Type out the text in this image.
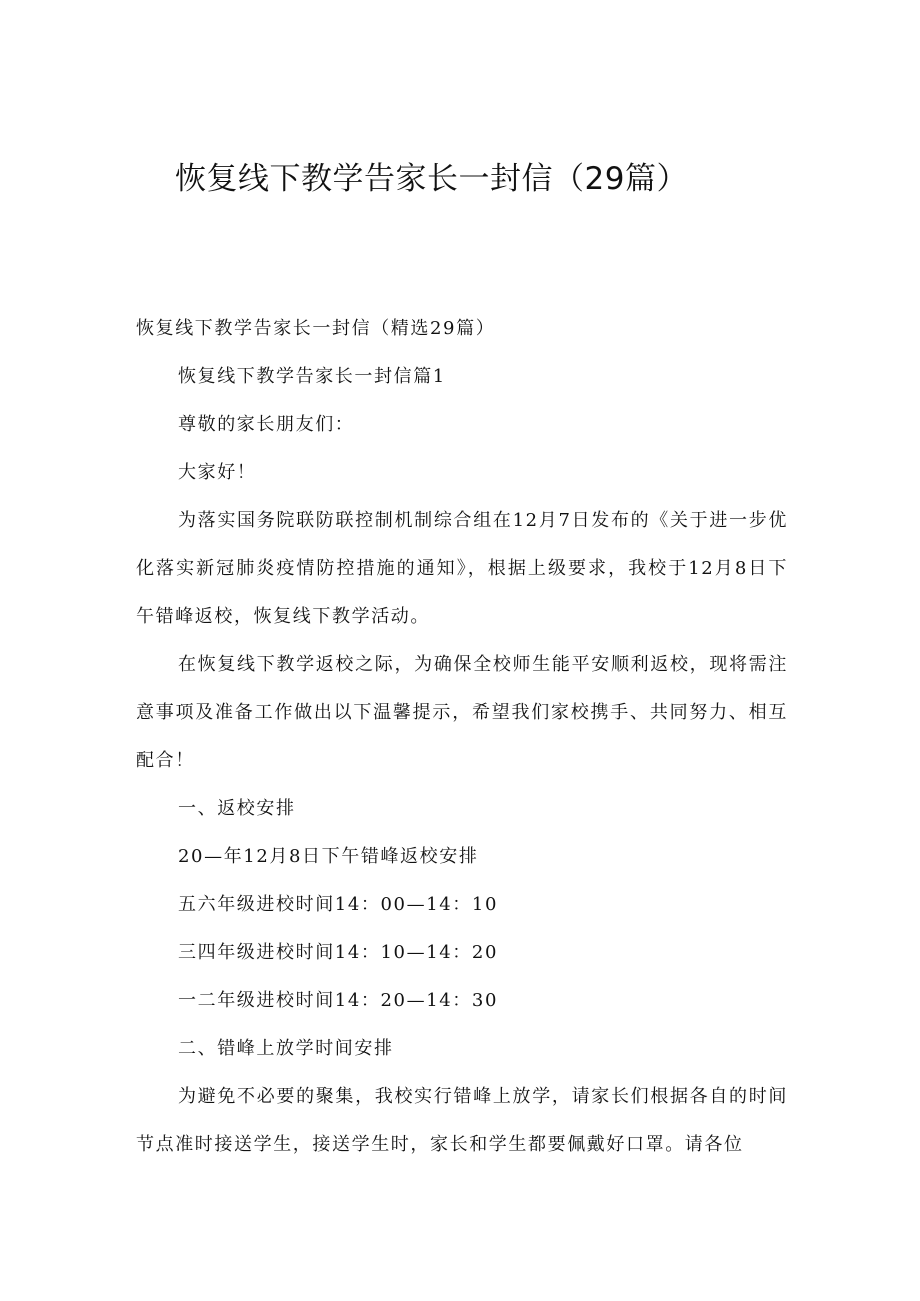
恢复线下教学告家长一封信（29篇）

恢复线下教学告家长一封信（精选29篇）

恢复线下教学告家长一封信篇1

尊敬的家长朋友们：

大家好！

为落实国务院联防联控制机制综合组在12月7日发布的《关于进一步优化落实新冠肺炎疫情防控措施的通知》，根据上级要求，我校于12月8日下午错峰返校，恢复线下教学活动。

在恢复线下教学返校之际，为确保全校师生能平安顺利返校，现将需注意事项及准备工作做出以下温馨提示，希望我们家校携手、共同努力、相互配合！

一、返校安排

20—年12月8日下午错峰返校安排

五六年级进校时间14：00—14：10

三四年级进校时间14：10—14：20

一二年级进校时间14：20—14：30

二、错峰上放学时间安排

为避免不必要的聚集，我校实行错峰上放学，请家长们根据各自的时间节点准时接送学生，接送学生时，家长和学生都要佩戴好口罩。请各位
